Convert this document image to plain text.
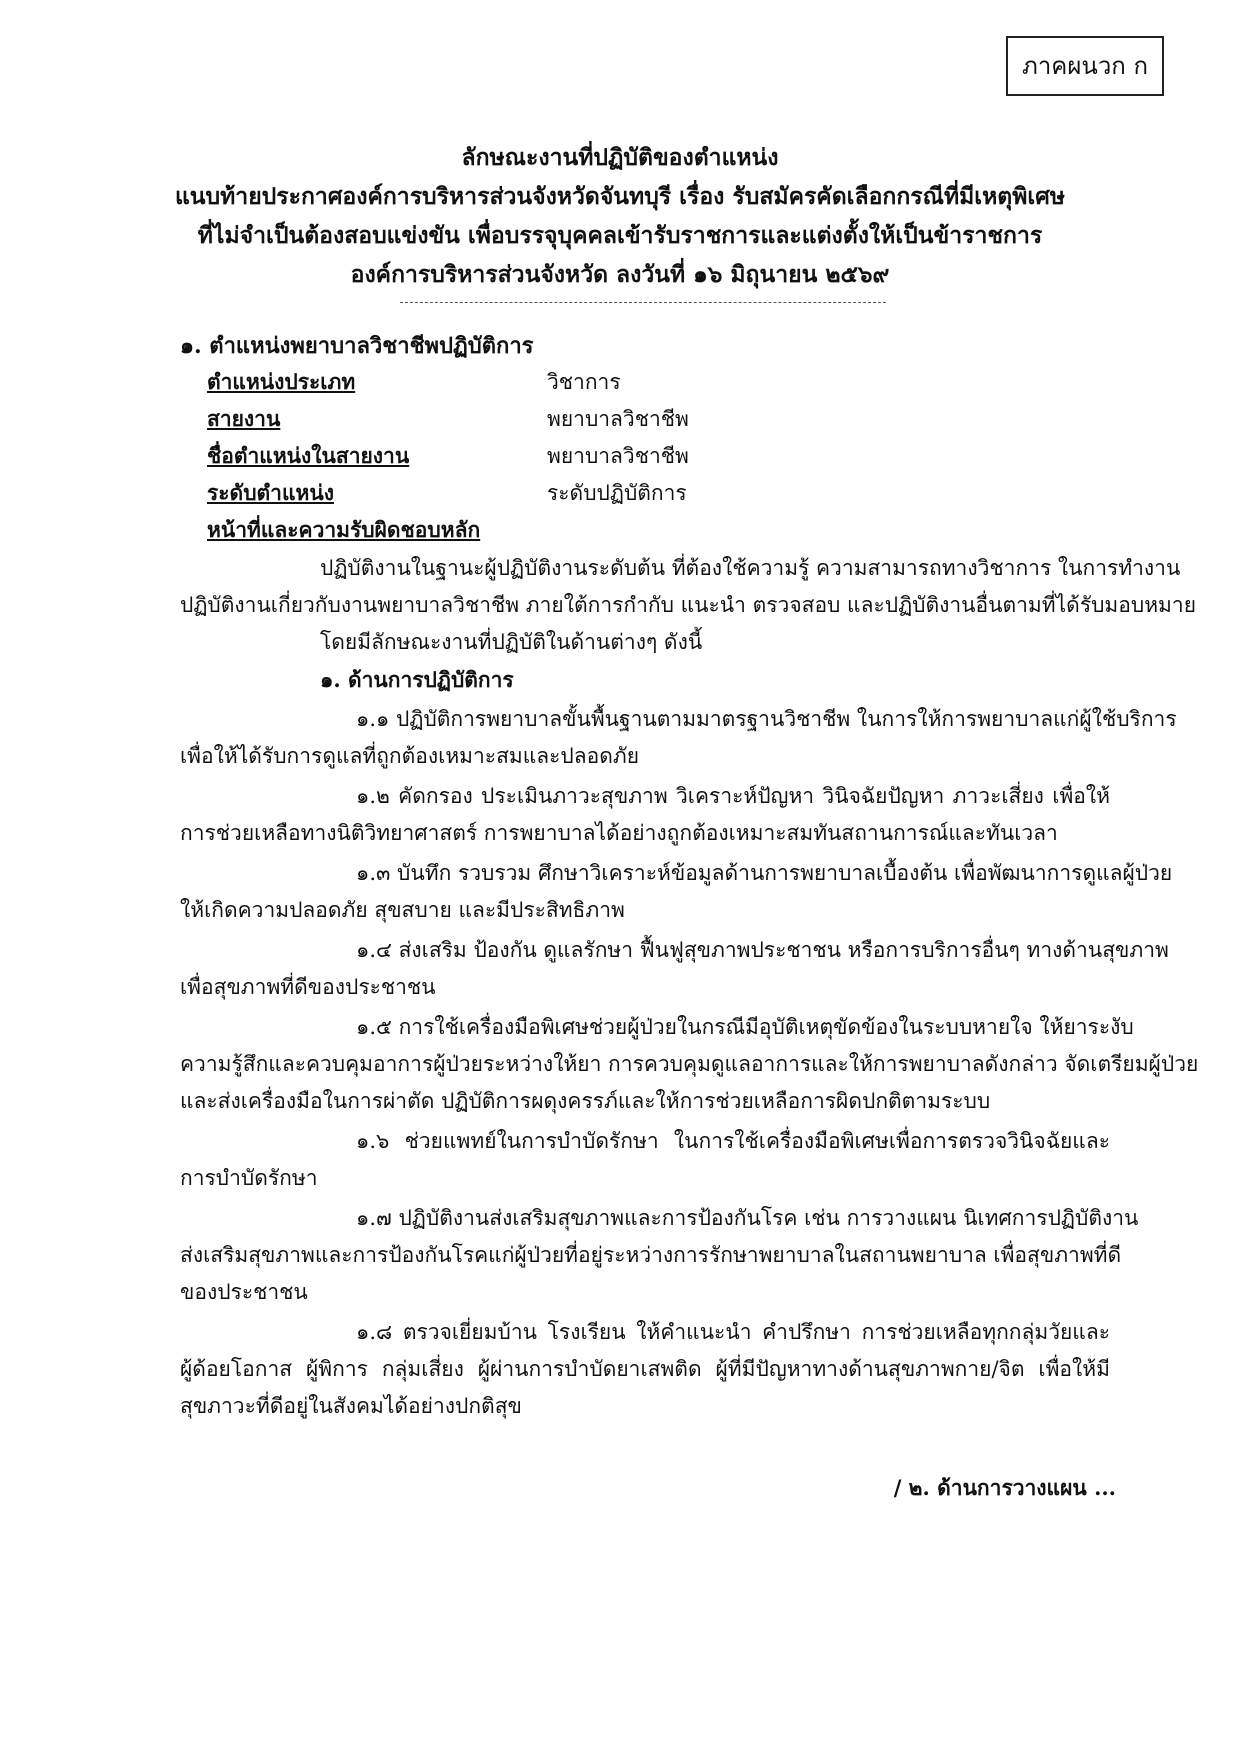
ภาคผนวก ก
ลักษณะงานที่ปฏิบัติของตำแหน่ง
แนบท้ายประกาศองค์การบริหารส่วนจังหวัดจันทบุรี เรื่อง รับสมัครคัดเลือกกรณีที่มีเหตุพิเศษ
ที่ไม่จำเป็นต้องสอบแข่งขัน เพื่อบรรจุบุคคลเข้ารับราชการและแต่งตั้งให้เป็นข้าราชการ
องค์การบริหารส่วนจังหวัด ลงวันที่ ๑๖ มิถุนายน ๒๕๖๙
๑. ตำแหน่งพยาบาลวิชาชีพปฏิบัติการ
ตำแหน่งประเภท	วิชาการ
สายงาน	พยาบาลวิชาชีพ
ชื่อตำแหน่งในสายงาน	พยาบาลวิชาชีพ
ระดับตำแหน่ง	ระดับปฏิบัติการ
หน้าที่และความรับผิดชอบหลัก
ปฏิบัติงานในฐานะผู้ปฏิบัติงานระดับต้น ที่ต้องใช้ความรู้ ความสามารถทางวิชาการ ในการทำงาน
ปฏิบัติงานเกี่ยวกับงานพยาบาลวิชาชีพ ภายใต้การกำกับ แนะนำ ตรวจสอบ และปฏิบัติงานอื่นตามที่ได้รับมอบหมาย
โดยมีลักษณะงานที่ปฏิบัติในด้านต่างๆ ดังนี้
๑. ด้านการปฏิบัติการ
๑.๑ ปฏิบัติการพยาบาลขั้นพื้นฐานตามมาตรฐานวิชาชีพ ในการให้การพยาบาลแก่ผู้ใช้บริการ
เพื่อให้ได้รับการดูแลที่ถูกต้องเหมาะสมและปลอดภัย
๑.๒ คัดกรอง ประเมินภาวะสุขภาพ วิเคราะห์ปัญหา วินิจฉัยปัญหา ภาวะเสี่ยง เพื่อให้
การช่วยเหลือทางนิติวิทยาศาสตร์ การพยาบาลได้อย่างถูกต้องเหมาะสมทันสถานการณ์และทันเวลา
๑.๓ บันทึก รวบรวม ศึกษาวิเคราะห์ข้อมูลด้านการพยาบาลเบื้องต้น เพื่อพัฒนาการดูแลผู้ป่วย
ให้เกิดความปลอดภัย สุขสบาย และมีประสิทธิภาพ
๑.๔ ส่งเสริม ป้องกัน ดูแลรักษา ฟื้นฟูสุขภาพประชาชน หรือการบริการอื่นๆ ทางด้านสุขภาพ
เพื่อสุขภาพที่ดีของประชาชน
๑.๕ การใช้เครื่องมือพิเศษช่วยผู้ป่วยในกรณีมีอุบัติเหตุขัดข้องในระบบหายใจ ให้ยาระงับ
ความรู้สึกและควบคุมอาการผู้ป่วยระหว่างให้ยา การควบคุมดูแลอาการและให้การพยาบาลดังกล่าว จัดเตรียมผู้ป่วย
และส่งเครื่องมือในการผ่าตัด ปฏิบัติการผดุงครรภ์และให้การช่วยเหลือการผิดปกติตามระบบ
๑.๖ ช่วยแพทย์ในการบำบัดรักษา ในการใช้เครื่องมือพิเศษเพื่อการตรวจวินิจฉัยและ
การบำบัดรักษา
๑.๗ ปฏิบัติงานส่งเสริมสุขภาพและการป้องกันโรค เช่น การวางแผน นิเทศการปฏิบัติงาน
ส่งเสริมสุขภาพและการป้องกันโรคแก่ผู้ป่วยที่อยู่ระหว่างการรักษาพยาบาลในสถานพยาบาล เพื่อสุขภาพที่ดี
ของประชาชน
๑.๘ ตรวจเยี่ยมบ้าน โรงเรียน ให้คำแนะนำ คำปรึกษา การช่วยเหลือทุกกลุ่มวัยและ
ผู้ด้อยโอกาส ผู้พิการ กลุ่มเสี่ยง ผู้ผ่านการบำบัดยาเสพติด ผู้ที่มีปัญหาทางด้านสุขภาพกาย/จิต เพื่อให้มี
สุขภาวะที่ดีอยู่ในสังคมได้อย่างปกติสุข
/ ๒. ด้านการวางแผน ...
